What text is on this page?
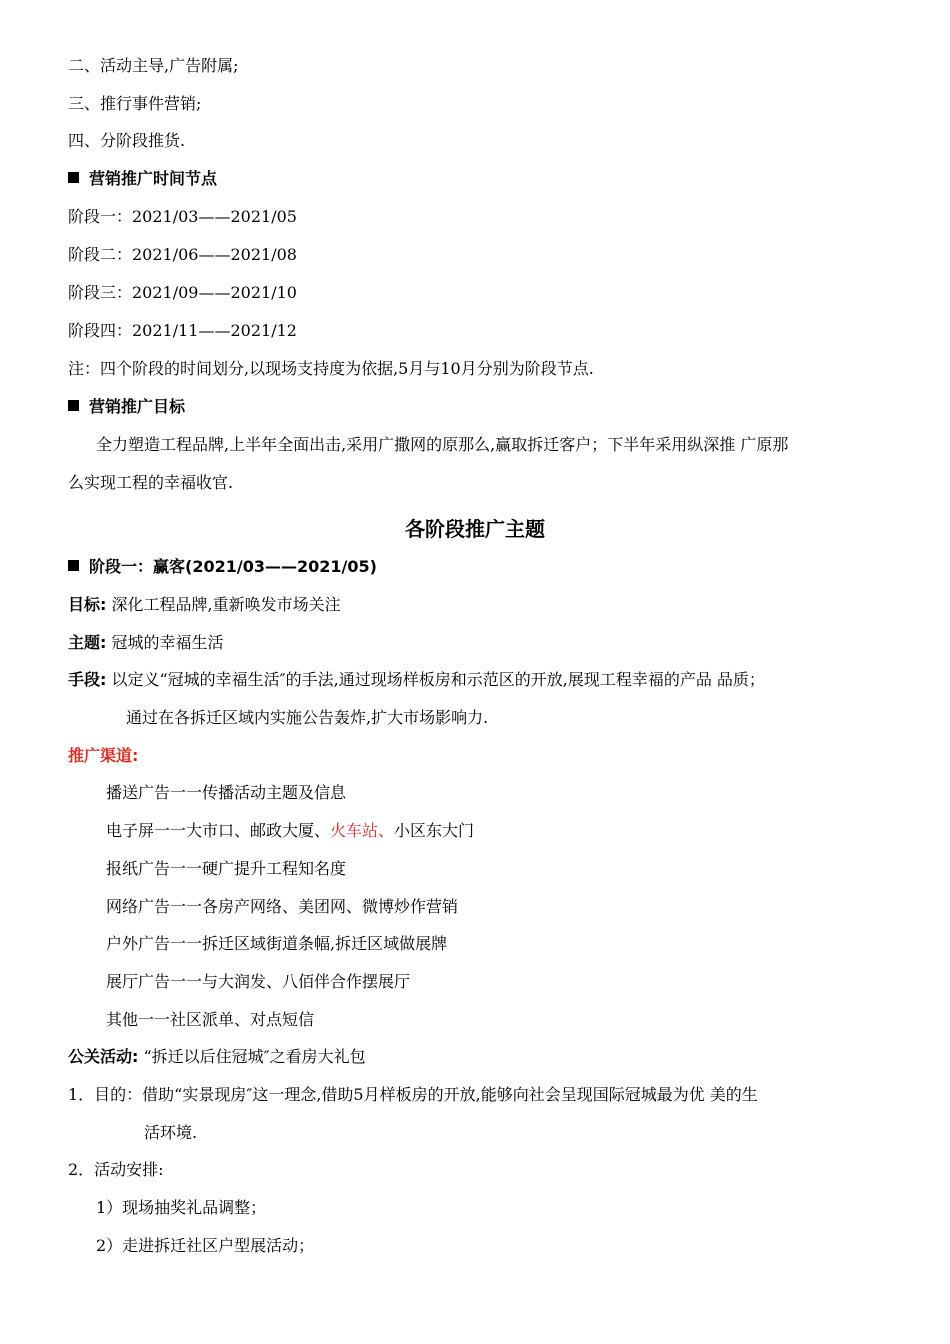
二、活动主导,广告附属;
三、推行事件营销;
四、分阶段推货.
营销推广时间节点
阶段一：2021/03——2021/05
阶段二：2021/06——2021/08
阶段三：2021/09——2021/10
阶段四：2021/11——2021/12
注：四个阶段的时间划分,以现场支持度为依据,5月与10月分别为阶段节点.
营销推广目标
全力塑造工程品牌,上半年全面出击,采用广撒网的原那么,赢取拆迁客户；下半年采用纵深推 广原那
么实现工程的幸福收官.
各阶段推广主题
阶段一：赢客(2021/03——2021/05)
目标: 深化工程品牌,重新唤发市场关注
主题: 冠城的幸福生活
手段: 以定义“冠城的幸福生活″的手法,通过现场样板房和示范区的开放,展现工程幸福的产品 品质；
通过在各拆迁区域内实施公告轰炸,扩大市场影响力.
推广渠道:
播送广告一一传播活动主题及信息
电子屏一一大市口、邮政大厦、火车站、小区东大门
报纸广告一一硬广提升工程知名度
网络广告一一各房产网络、美团网、微博炒作营销
户外广告一一拆迁区域街道条幅,拆迁区域做展牌
展厅广告一一与大润发、八佰伴合作摆展厅
其他一一社区派单、对点短信
公关活动: “拆迁以后住冠城″之看房大礼包
1．目的：借助“实景现房″这一理念,借助5月样板房的开放,能够向社会呈现国际冠城最为优 美的生
活环境.
2．活动安排:
1）现场抽奖礼品调整；
2）走进拆迁社区户型展活动；
